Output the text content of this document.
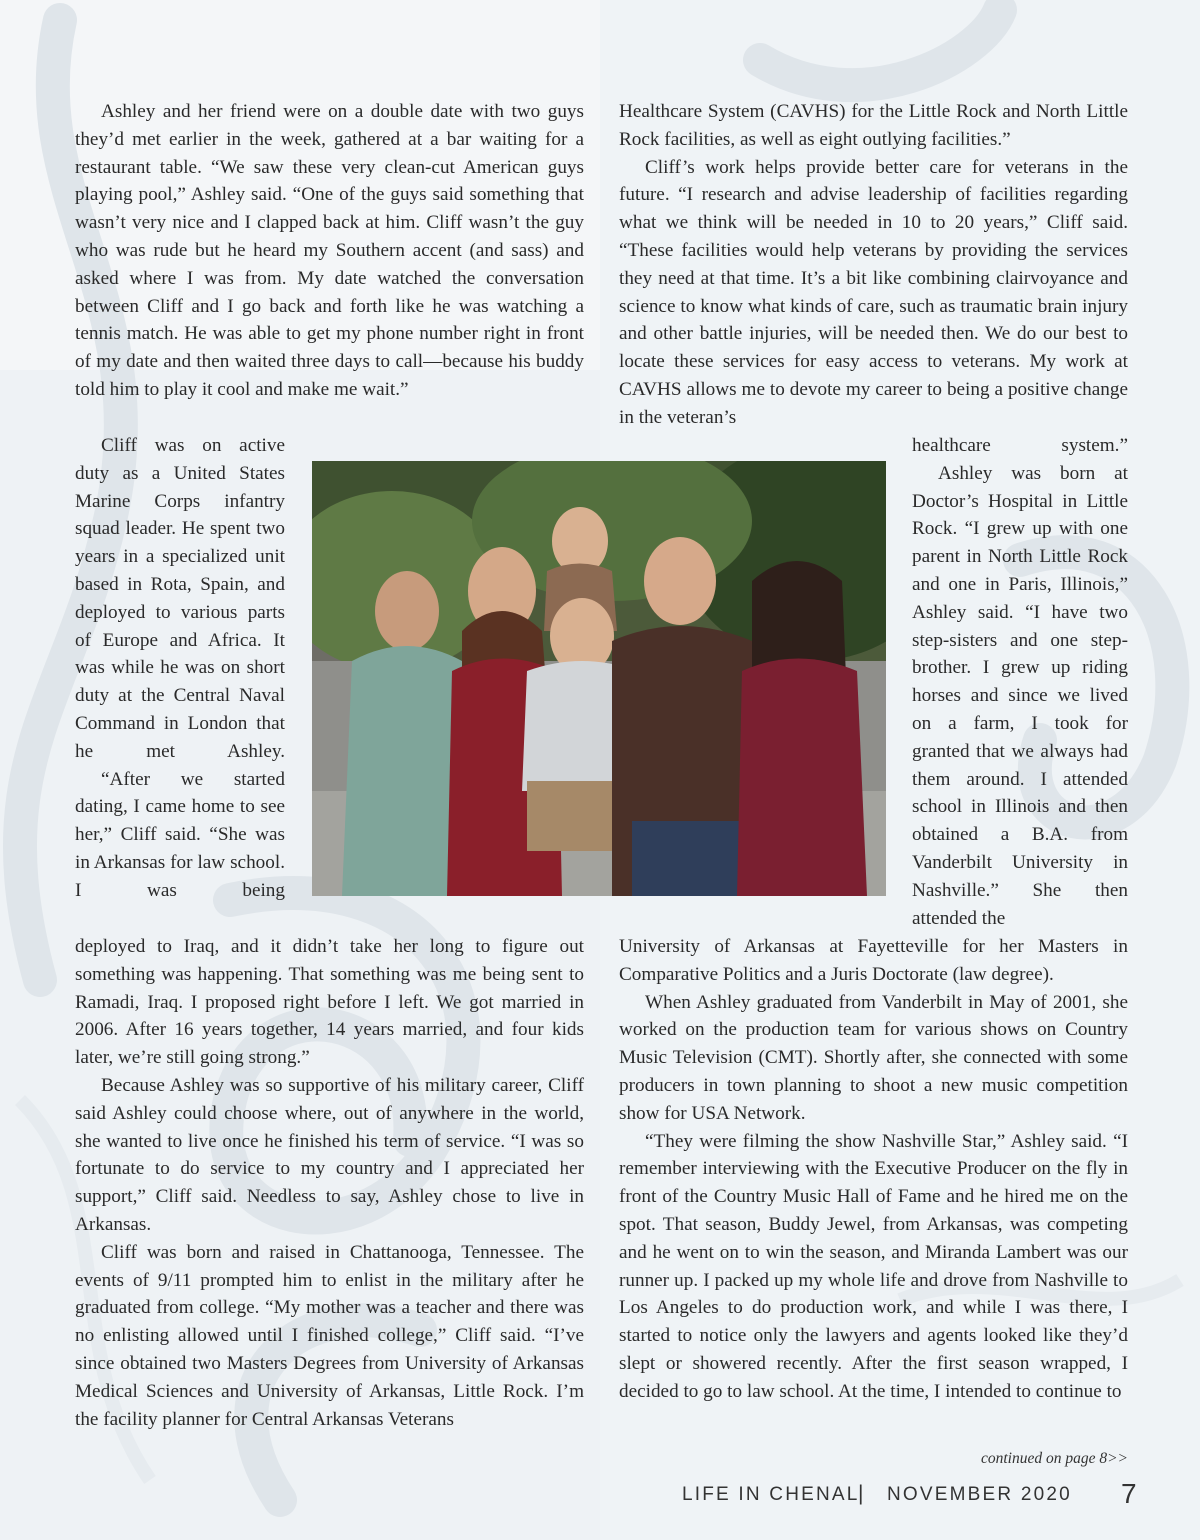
Ashley and her friend were on a double date with two guys they’d met earlier in the week, gathered at a bar waiting for a restaurant table. “We saw these very clean-cut American guys playing pool,” Ashley said. “One of the guys said something that wasn’t very nice and I clapped back at him. Cliff wasn’t the guy who was rude but he heard my Southern accent (and sass) and asked where I was from. My date watched the conversation between Cliff and I go back and forth like he was watching a tennis match. He was able to get my phone number right in front of my date and then waited three days to call—because his buddy told him to play it cool and make me wait.”

Cliff was on active duty as a United States Marine Corps infantry squad leader. He spent two years in a specialized unit based in Rota, Spain, and deployed to various parts of Europe and Africa. It was while he was on short duty at the Central Naval Command in London that he met Ashley.

“After we started dating, I came home to see her,” Cliff said. “She was in Arkansas for law school. I was being

deployed to Iraq, and it didn’t take her long to figure out something was happening. That something was me being sent to Ramadi, Iraq. I proposed right before I left. We got married in 2006. After 16 years together, 14 years married, and four kids later, we’re still going strong.”

Because Ashley was so supportive of his military career, Cliff said Ashley could choose where, out of anywhere in the world, she wanted to live once he finished his term of service. “I was so fortunate to do service to my country and I appreciated her support,” Cliff said. Needless to say, Ashley chose to live in Arkansas.

Cliff was born and raised in Chattanooga, Tennessee. The events of 9/11 prompted him to enlist in the military after he graduated from college. “My mother was a teacher and there was no enlisting allowed until I finished college,” Cliff said. “I’ve since obtained two Masters Degrees from University of Arkansas Medical Sciences and University of Arkansas, Little Rock. I’m the facility planner for Central Arkansas Veterans

Healthcare System (CAVHS) for the Little Rock and North Little Rock facilities, as well as eight outlying facilities.”

Cliff’s work helps provide better care for veterans in the future. “I research and advise leadership of facilities regarding what we think will be needed in 10 to 20 years,” Cliff said. “These facilities would help veterans by providing the services they need at that time. It’s a bit like combining clairvoyance and science to know what kinds of care, such as traumatic brain injury and other battle injuries, will be needed then. We do our best to locate these services for easy access to veterans. My work at CAVHS allows me to devote my career to being a positive change in the veteran’s

healthcare system.”

Ashley was born at Doctor’s Hospital in Little Rock. “I grew up with one parent in North Little Rock and one in Paris, Illinois,” Ashley said. “I have two step-sisters and one step-brother. I grew up riding horses and since we lived on a farm, I took for granted that we always had them around. I attended school in Illinois and then obtained a B.A. from Vanderbilt University in Nashville.” She then attended the

University of Arkansas at Fayetteville for her Masters in Comparative Politics and a Juris Doctorate (law degree).

When Ashley graduated from Vanderbilt in May of 2001, she worked on the production team for various shows on Country Music Television (CMT). Shortly after, she connected with some producers in town planning to shoot a new music competition show for USA Network.

“They were filming the show Nashville Star,” Ashley said. “I remember interviewing with the Executive Producer on the fly in front of the Country Music Hall of Fame and he hired me on the spot. That season, Buddy Jewel, from Arkansas, was competing and he went on to win the season, and Miranda Lambert was our runner up. I packed up my whole life and drove from Nashville to Los Angeles to do production work, and while I was there, I started to notice only the lawyers and agents looked like they’d slept or showered recently. After the first season wrapped, I decided to go to law school. At the time, I intended to continue to

continued on page 8>>
LIFE IN CHENAL
| NOVEMBER 2020 7
